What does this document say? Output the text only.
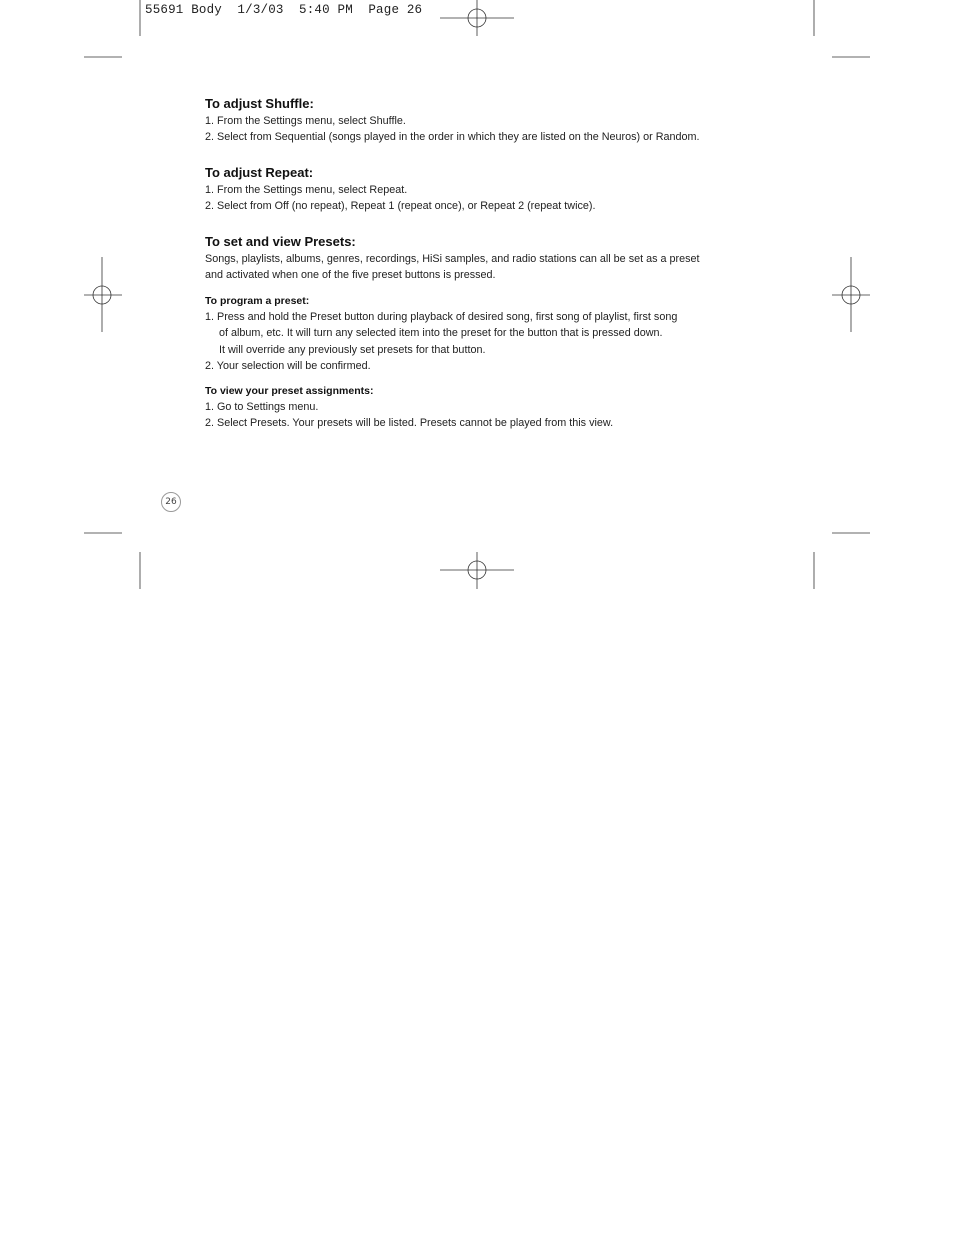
55691 Body  1/3/03  5:40 PM  Page 26
To adjust Shuffle:
1. From the Settings menu, select Shuffle.
2. Select from Sequential (songs played in the order in which they are listed on the Neuros) or Random.
To adjust Repeat:
1. From the Settings menu, select Repeat.
2. Select from Off (no repeat), Repeat 1 (repeat once), or Repeat 2 (repeat twice).
To set and view Presets:
Songs, playlists, albums, genres, recordings, HiSi samples, and radio stations can all be set as a preset
and activated when one of the five preset buttons is pressed.
To program a preset:
1. Press and hold the Preset button during playback of desired song, first song of playlist, first song
of album, etc. It will turn any selected item into the preset for the button that is pressed down.
It will override any previously set presets for that button.
2. Your selection will be confirmed.
To view your preset assignments:
1. Go to Settings menu.
2. Select Presets. Your presets will be listed. Presets cannot be played from this view.
26
